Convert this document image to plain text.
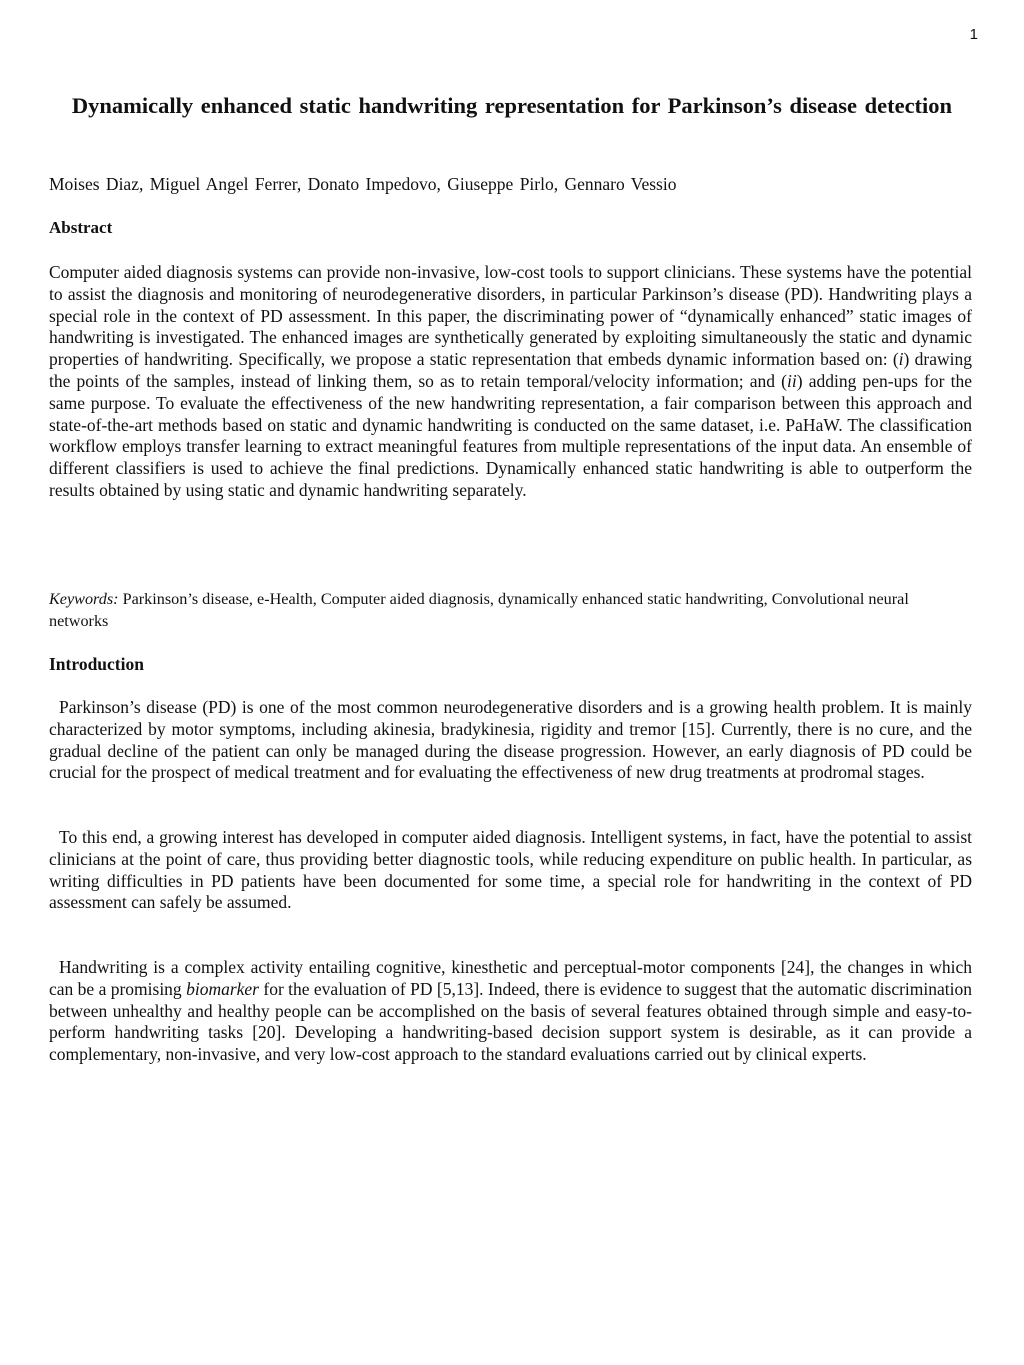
1
Dynamically enhanced static handwriting representation for Parkinson’s disease detection
Moises Diaz, Miguel Angel Ferrer, Donato Impedovo, Giuseppe Pirlo, Gennaro Vessio
Abstract
Computer aided diagnosis systems can provide non-invasive, low-cost tools to support clinicians. These systems have the potential to assist the diagnosis and monitoring of neurodegenerative disorders, in particular Parkinson’s disease (PD). Handwriting plays a special role in the context of PD assessment. In this paper, the discriminating power of “dynamically enhanced” static images of handwriting is investigated. The enhanced images are synthetically generated by exploiting simultaneously the static and dynamic properties of handwriting. Specifically, we propose a static representation that embeds dynamic information based on: (i) drawing the points of the samples, instead of linking them, so as to retain temporal/velocity information; and (ii) adding pen-ups for the same purpose. To evaluate the effectiveness of the new handwriting representation, a fair comparison between this approach and state-of-the-art methods based on static and dynamic handwriting is conducted on the same dataset, i.e. PaHaW. The classification workflow employs transfer learning to extract meaningful features from multiple representations of the input data. An ensemble of different classifiers is used to achieve the final predictions. Dynamically enhanced static handwriting is able to outperform the results obtained by using static and dynamic handwriting separately.
Keywords: Parkinson’s disease, e-Health, Computer aided diagnosis, dynamically enhanced static handwriting, Convolutional neural networks
Introduction
Parkinson’s disease (PD) is one of the most common neurodegenerative disorders and is a growing health problem. It is mainly characterized by motor symptoms, including akinesia, bradykinesia, rigidity and tremor [15]. Currently, there is no cure, and the gradual decline of the patient can only be managed during the disease progression. However, an early diagnosis of PD could be crucial for the prospect of medical treatment and for evaluating the effectiveness of new drug treatments at prodromal stages.
To this end, a growing interest has developed in computer aided diagnosis. Intelligent systems, in fact, have the potential to assist clinicians at the point of care, thus providing better diagnostic tools, while reducing expenditure on public health. In particular, as writing difficulties in PD patients have been documented for some time, a special role for handwriting in the context of PD assessment can safely be assumed.
Handwriting is a complex activity entailing cognitive, kinesthetic and perceptual-motor components [24], the changes in which can be a promising biomarker for the evaluation of PD [5,13]. Indeed, there is evidence to suggest that the automatic discrimination between unhealthy and healthy people can be accomplished on the basis of several features obtained through simple and easy-to-perform handwriting tasks [20]. Developing a handwriting-based decision support system is desirable, as it can provide a complementary, non-invasive, and very low-cost approach to the standard evaluations carried out by clinical experts.
